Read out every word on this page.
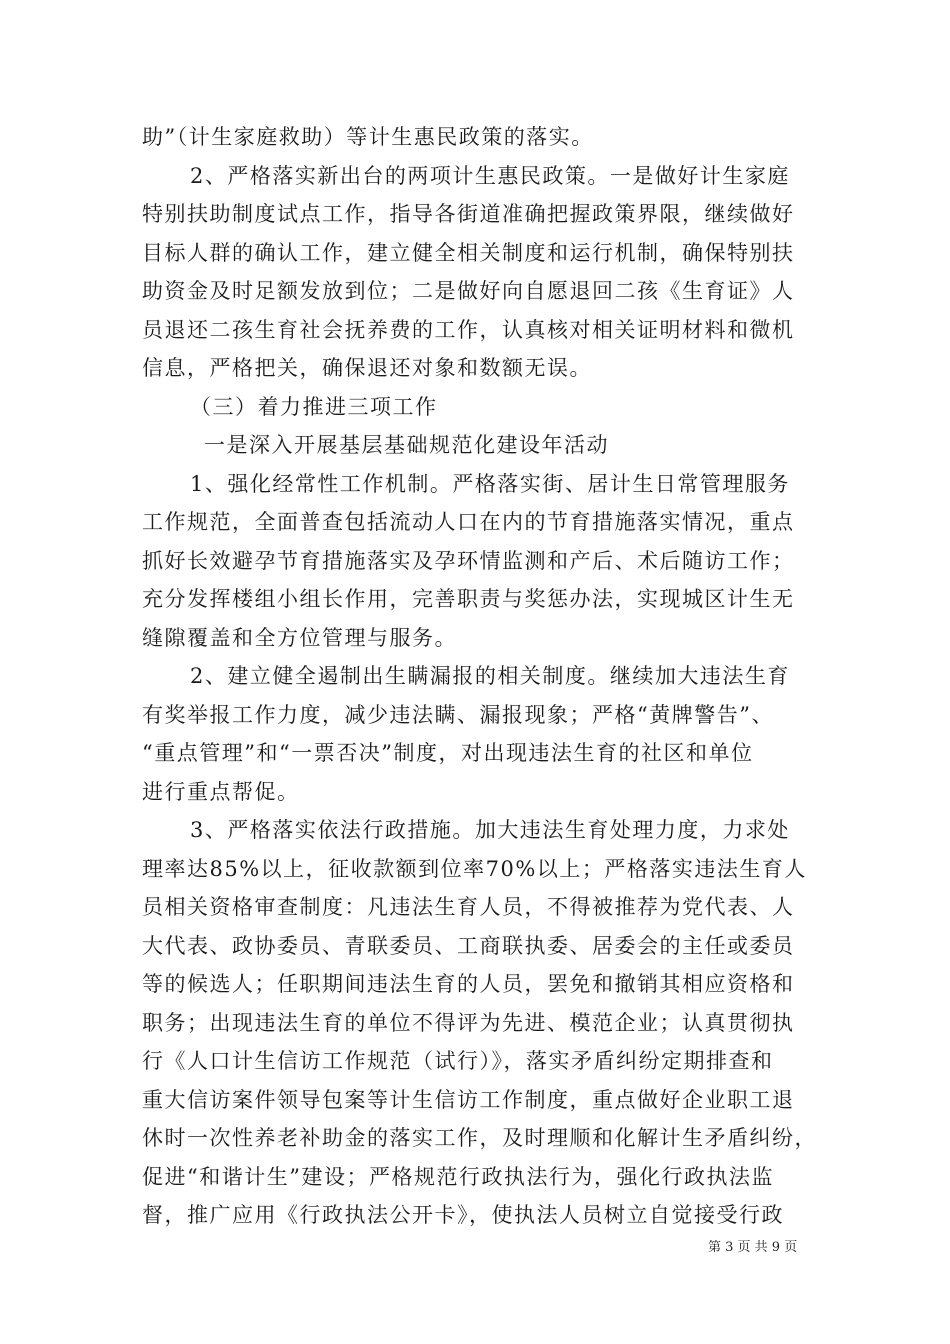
助”（计生家庭救助）等计生惠民政策的落实。
2、严格落实新出台的两项计生惠民政策。一是做好计生家庭
特别扶助制度试点工作，指导各街道准确把握政策界限，继续做好
目标人群的确认工作，建立健全相关制度和运行机制，确保特别扶
助资金及时足额发放到位；二是做好向自愿退回二孩《生育证》人
员退还二孩生育社会抚养费的工作，认真核对相关证明材料和微机
信息，严格把关，确保退还对象和数额无误。
（三）着力推进三项工作
一是深入开展基层基础规范化建设年活动
1、强化经常性工作机制。严格落实街、居计生日常管理服务
工作规范，全面普查包括流动人口在内的节育措施落实情况，重点
抓好长效避孕节育措施落实及孕环情监测和产后、术后随访工作；
充分发挥楼组小组长作用，完善职责与奖惩办法，实现城区计生无
缝隙覆盖和全方位管理与服务。
2、建立健全遏制出生瞒漏报的相关制度。继续加大违法生育
有奖举报工作力度，减少违法瞒、漏报现象；严格“黄牌警告”、
“重点管理”和“一票否决”制度，对出现违法生育的社区和单位
进行重点帮促。
3、严格落实依法行政措施。加大违法生育处理力度，力求处
理率达85%以上，征收款额到位率70%以上；严格落实违法生育人
员相关资格审查制度：凡违法生育人员，不得被推荐为党代表、人
大代表、政协委员、青联委员、工商联执委、居委会的主任或委员
等的候选人；任职期间违法生育的人员，罢免和撤销其相应资格和
职务；出现违法生育的单位不得评为先进、模范企业；认真贯彻执
行《人口计生信访工作规范（试行）》，落实矛盾纠纷定期排查和
重大信访案件领导包案等计生信访工作制度，重点做好企业职工退
休时一次性养老补助金的落实工作，及时理顺和化解计生矛盾纠纷，
促进“和谐计生”建设；严格规范行政执法行为，强化行政执法监
督，推广应用《行政执法公开卡》，使执法人员树立自觉接受行政
第 3 页 共 9 页
